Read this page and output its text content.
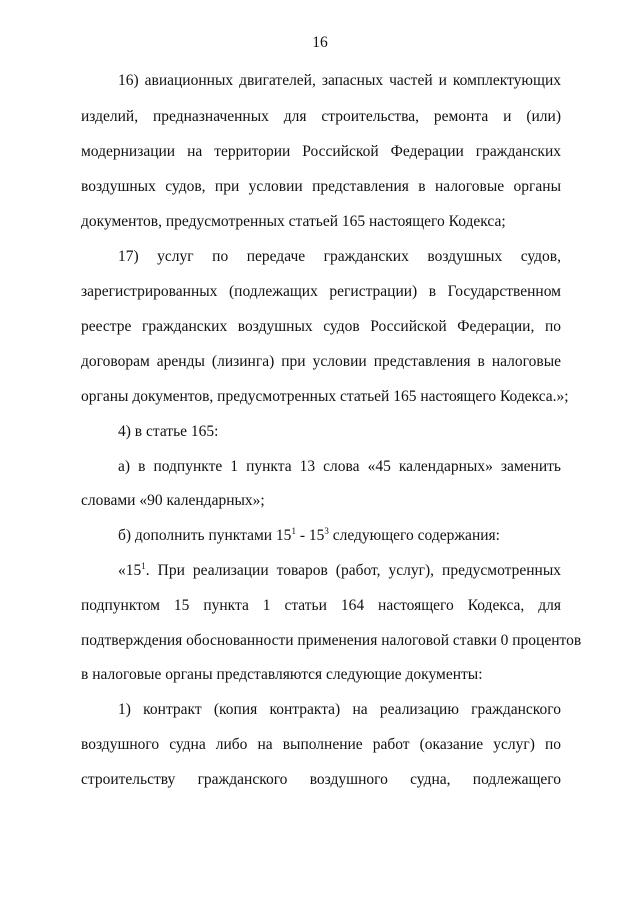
16
16) авиационных двигателей, запасных частей и комплектующих
изделий, предназначенных для строительства, ремонта и (или)
модернизации на территории Российской Федерации гражданских
воздушных судов, при условии представления в налоговые органы
документов, предусмотренных статьей 165 настоящего Кодекса;
17) услуг по передаче гражданских воздушных судов,
зарегистрированных (подлежащих регистрации) в Государственном
реестре гражданских воздушных судов Российской Федерации, по
договорам аренды (лизинга) при условии представления в налоговые
органы документов, предусмотренных статьей 165 настоящего Кодекса.»;
4) в статье 165:
а) в подпункте 1 пункта 13 слова «45 календарных» заменить
словами «90 календарных»;
б) дополнить пунктами $15^1 - 15^3$ следующего содержания:
«$15^1$. При реализации товаров (работ, услуг), предусмотренных
подпунктом 15 пункта 1 статьи 164 настоящего Кодекса, для
подтверждения обоснованности применения налоговой ставки 0 процентов
в налоговые органы представляются следующие документы:
1) контракт (копия контракта) на реализацию гражданского
воздушного судна либо на выполнение работ (оказание услуг) по
строительству гражданского воздушного судна, подлежащего
